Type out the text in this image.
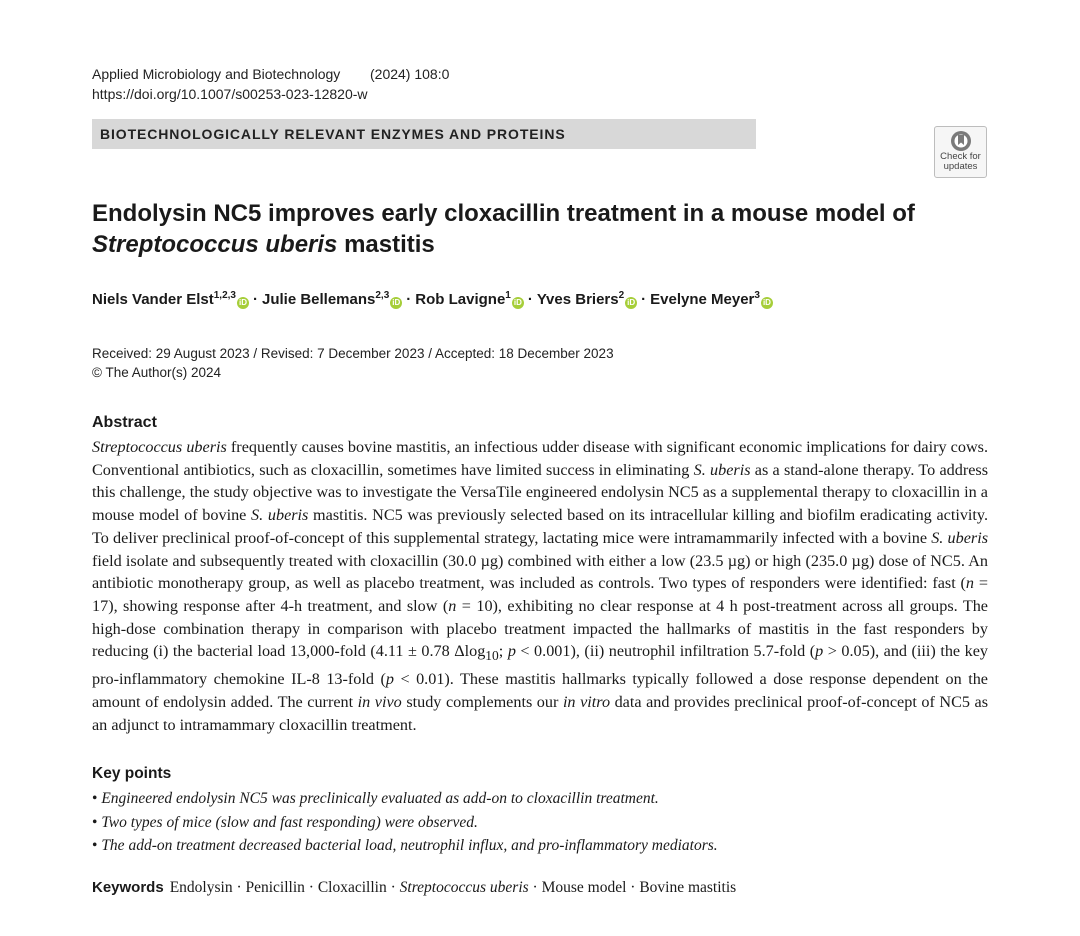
Applied Microbiology and Biotechnology (2024) 108:0
https://doi.org/10.1007/s00253-023-12820-w
BIOTECHNOLOGICALLY RELEVANT ENZYMES AND PROTEINS
Check for
updates
Endolysin NC5 improves early cloxacillin treatment in a mouse model of Streptococcus uberis mastitis
Niels Vander Elst$^{1,2,3}$iD · Julie Bellemans$^{2,3}$iD · Rob Lavigne$^1$iD · Yves Briers$^2$iD · Evelyne Meyer$^3$iD
Received: 29 August 2023 / Revised: 7 December 2023 / Accepted: 18 December 2023
© The Author(s) 2024
Abstract

Streptococcus uberis frequently causes bovine mastitis, an infectious udder disease with significant economic implications for dairy cows. Conventional antibiotics, such as cloxacillin, sometimes have limited success in eliminating S. uberis as a stand-alone therapy. To address this challenge, the study objective was to investigate the VersaTile engineered endolysin NC5 as a supplemental therapy to cloxacillin in a mouse model of bovine S. uberis mastitis. NC5 was previously selected based on its intracellular killing and biofilm eradicating activity. To deliver preclinical proof-of-concept of this supplemental strategy, lactating mice were intramammarily infected with a bovine S. uberis field isolate and subsequently treated with cloxacillin (30.0 µg) combined with either a low (23.5 µg) or high (235.0 µg) dose of NC5. An antibiotic monotherapy group, as well as placebo treatment, was included as controls. Two types of responders were identified: fast (n = 17), showing response after 4-h treatment, and slow (n = 10), exhibiting no clear response at 4 h post-treatment across all groups. The high-dose combination therapy in comparison with placebo treatment impacted the hallmarks of mastitis in the fast responders by reducing (i) the bacterial load 13,000-fold (4.11 ± 0.78 Δlog$_{10}$; p < 0.001), (ii) neutrophil infiltration 5.7-fold (p > 0.05), and (iii) the key pro-inflammatory chemokine IL-8 13-fold (p < 0.01). These mastitis hallmarks typically followed a dose response dependent on the amount of endolysin added. The current in vivo study complements our in vitro data and provides preclinical proof-of-concept of NC5 as an adjunct to intramammary cloxacillin treatment.

Key points
• Engineered endolysin NC5 was preclinically evaluated as add-on to cloxacillin treatment.
• Two types of mice (slow and fast responding) were observed.
• The add-on treatment decreased bacterial load, neutrophil influx, and pro-inflammatory mediators.
Keywords Endolysin · Penicillin · Cloxacillin · Streptococcus uberis · Mouse model · Bovine mastitis
